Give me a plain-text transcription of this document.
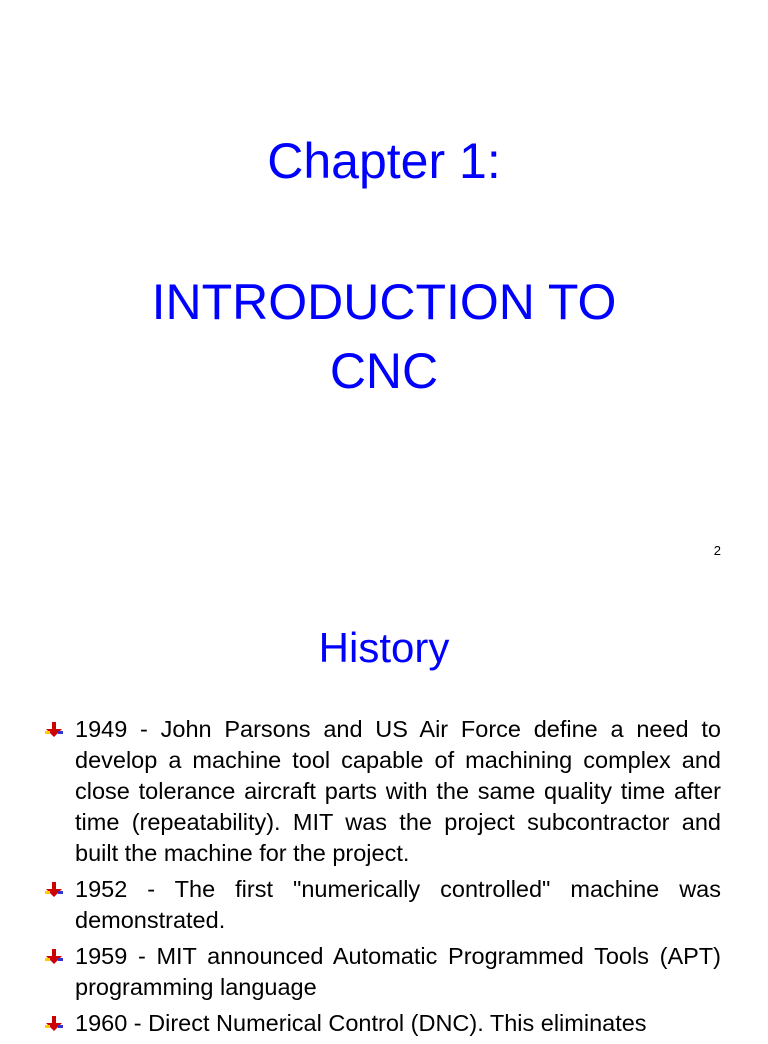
Chapter 1:
INTRODUCTION TO
CNC
2
History
1949 - John Parsons and US Air Force define a need to develop a machine tool capable of machining complex and close tolerance aircraft parts with the same quality time after time (repeatability). MIT was the project subcontractor and built the machine for the project.
1952 - The first "numerically controlled" machine was demonstrated.
1959 - MIT announced Automatic Programmed Tools (APT) programming language
1960 - Direct Numerical Control (DNC). This eliminates
